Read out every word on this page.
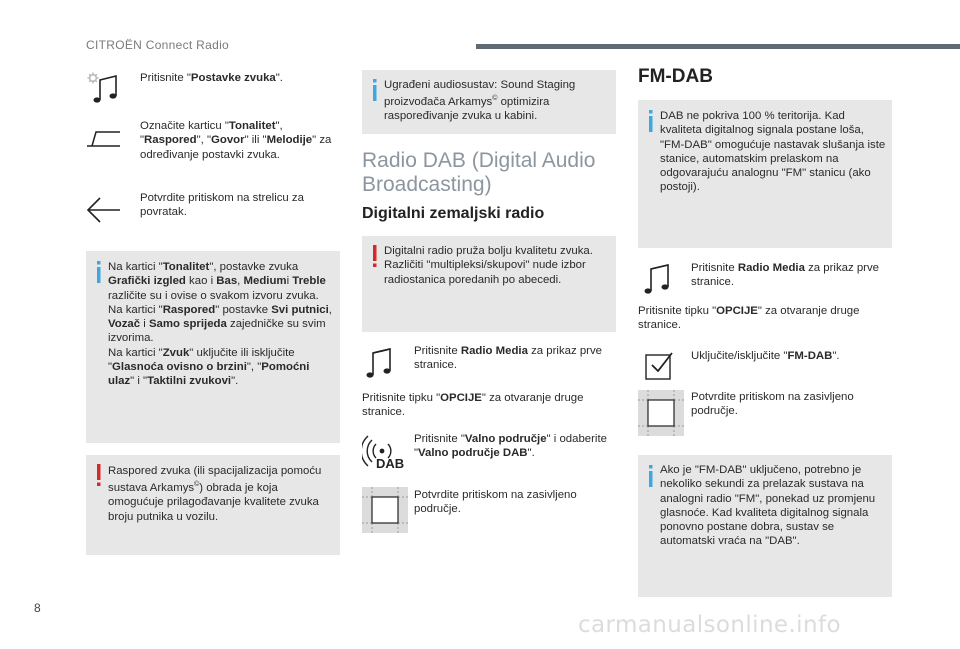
CITROËN Connect Radio
Pritisnite "Postavke zvuka".
Označite karticu "Tonalitet", "Raspored", "Govor" ili "Melodije" za određivanje postavki zvuka.
Potvrdite pritiskom na strelicu za povratak.
Na kartici "Tonalitet", postavke zvuka Grafički izgled kao i Bas, Mediumi Treble različite su i ovise o svakom izvoru zvuka.
Na kartici "Raspored" postavke Svi putnici, Vozač i Samo sprijeda zajedničke su svim izvorima.
Na kartici "Zvuk" uključite ili isključite "Glasnoća ovisno o brzini", "Pomoćni ulaz" i "Taktilni zvukovi".
Raspored zvuka (ili spacijalizacija pomoću sustava Arkamys©) obrada je koja omogućuje prilagođavanje kvalitete zvuka broju putnika u vozilu.
Ugrađeni audiosustav: Sound Staging proizvođača Arkamys© optimizira raspoređivanje zvuka u kabini.
Radio DAB (Digital Audio Broadcasting)
Digitalni zemaljski radio
Digitalni radio pruža bolju kvalitetu zvuka. Različiti "multipleksi/skupovi" nude izbor radiostanica poredanih po abecedi.
Pritisnite Radio Media za prikaz prve stranice.
Pritisnite tipku "OPCIJE" za otvaranje druge stranice.
DAB
Pritisnite "Valno područje" i odaberite "Valno područje DAB".
Potvrdite pritiskom na zasivljeno područje.
FM-DAB
DAB ne pokriva 100 % teritorija. Kad kvaliteta digitalnog signala postane loša, "FM-DAB" omogućuje nastavak slušanja iste stanice, automatskim prelaskom na odgovarajuću analognu "FM" stanicu (ako postoji).
Pritisnite Radio Media za prikaz prve stranice.
Pritisnite tipku "OPCIJE" za otvaranje druge stranice.
Uključite/isključite "FM-DAB".
Potvrdite pritiskom na zasivljeno područje.
Ako je "FM-DAB" uključeno, potrebno je nekoliko sekundi za prelazak sustava na analogni radio "FM", ponekad uz promjenu glasnoće. Kad kvaliteta digitalnog signala ponovno postane dobra, sustav se automatski vraća na "DAB".
8
carmanualsonline.info
